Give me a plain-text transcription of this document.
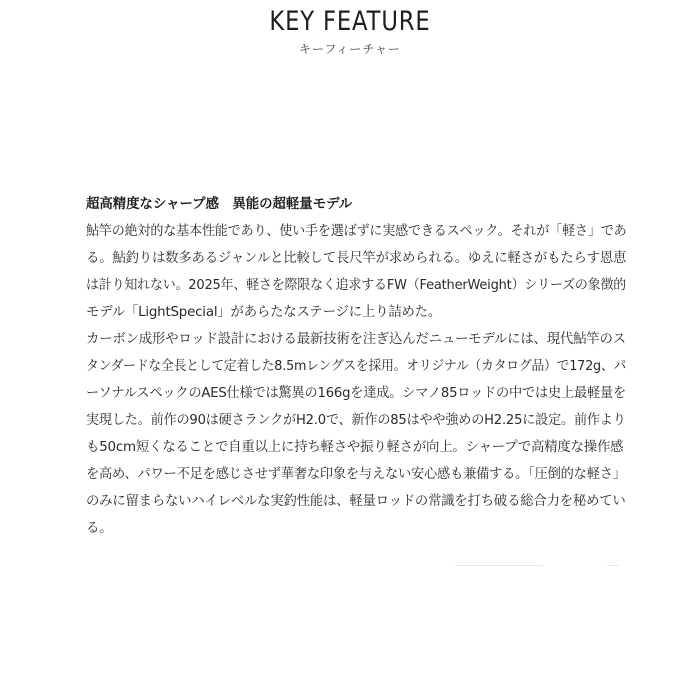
KEY FEATURE
キーフィーチャー
超高精度なシャープ感　異能の超軽量モデル
鮎竿の絶対的な基本性能であり、使い手を選ばずに実感できるスペック。それが「軽さ」であ
る。鮎釣りは数多あるジャンルと比較して長尺竿が求められる。ゆえに軽さがもたらす恩恵
は計り知れない。2025年、軽さを際限なく追求するFW（FeatherWeight）シリーズの象徴的
モデル「LightSpecial」があらたなステージに上り詰めた。
カーボン成形やロッド設計における最新技術を注ぎ込んだニューモデルには、現代鮎竿のス
タンダードな全長として定着した8.5mレングスを採用。オリジナル（カタログ品）で172g、パ
ーソナルスペックのAES仕様では驚異の166gを達成。シマノ85ロッドの中では史上最軽量を
実現した。前作の90は硬さランクがH2.0で、新作の85はやや強めのH2.25に設定。前作より
も50cm短くなることで自重以上に持ち軽さや振り軽さが向上。シャープで高精度な操作感
を高め、パワー不足を感じさせず華奢な印象を与えない安心感も兼備する。「圧倒的な軽さ」
のみに留まらないハイレベルな実釣性能は、軽量ロッドの常識を打ち破る総合力を秘めてい
る。
